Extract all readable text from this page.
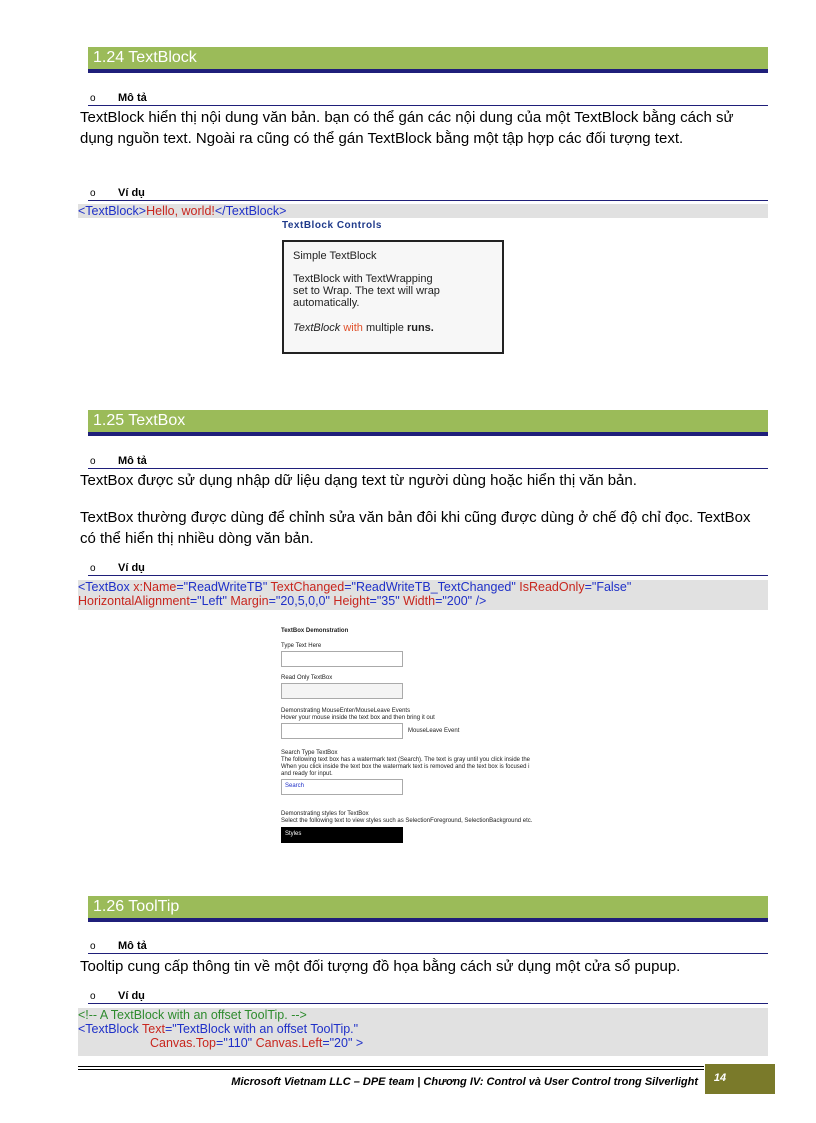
1.24 TextBlock
o Mô tả
TextBlock hiển thị nội dung văn bản. bạn có thể gán các nội dung của một TextBlock bằng cách sử dụng nguồn text. Ngoài ra cũng có thể gán TextBlock bằng một tập hợp các đối tượng text.
o Ví dụ
<TextBlock>Hello, world!</TextBlock>
TextBlock Controls
Simple TextBlock
TextBlock with TextWrapping
set to Wrap. The text will wrap
automatically.
TextBlock with multiple runs.
1.25 TextBox
o Mô tả
TextBox được sử dụng nhập dữ liệu dạng text từ người dùng hoặc hiển thị văn bản.
TextBox thường được dùng để chỉnh sửa văn bản đôi khi cũng được dùng ở chế độ chỉ đọc. TextBox có thể hiển thị nhiều dòng văn bản.
o Ví dụ
<TextBox x:Name="ReadWriteTB" TextChanged="ReadWriteTB_TextChanged" IsReadOnly="False"
HorizontalAlignment="Left" Margin="20,5,0,0" Height="35" Width="200" />
TextBox Demonstration
Type Text Here
Read Only TextBox
Demonstrating MouseEnter/MouseLeave Events
Hover your mouse inside the text box and then bring it out
MouseLeave Event
Search Type TextBox
The following text box has a watermark text (Search). The text is gray until you click inside the
When you click inside the text box the watermark text is removed and the text box is focused i
and ready for input.
Search
Demonstrating styles for TextBox
Select the following text to view styles such as SelectionForeground, SelectionBackground etc.
Styles
1.26 ToolTip
o Mô tả
Tooltip cung cấp thông tin về một đối tượng đồ họa bằng cách sử dụng một cửa sổ pupup.
o Ví dụ
<!-- A TextBlock with an offset ToolTip. -->
<TextBlock Text="TextBlock with an offset ToolTip."
Canvas.Top="110" Canvas.Left="20" >
Microsoft Vietnam LLC – DPE team | Chương IV: Control và User Control trong Silverlight	14
